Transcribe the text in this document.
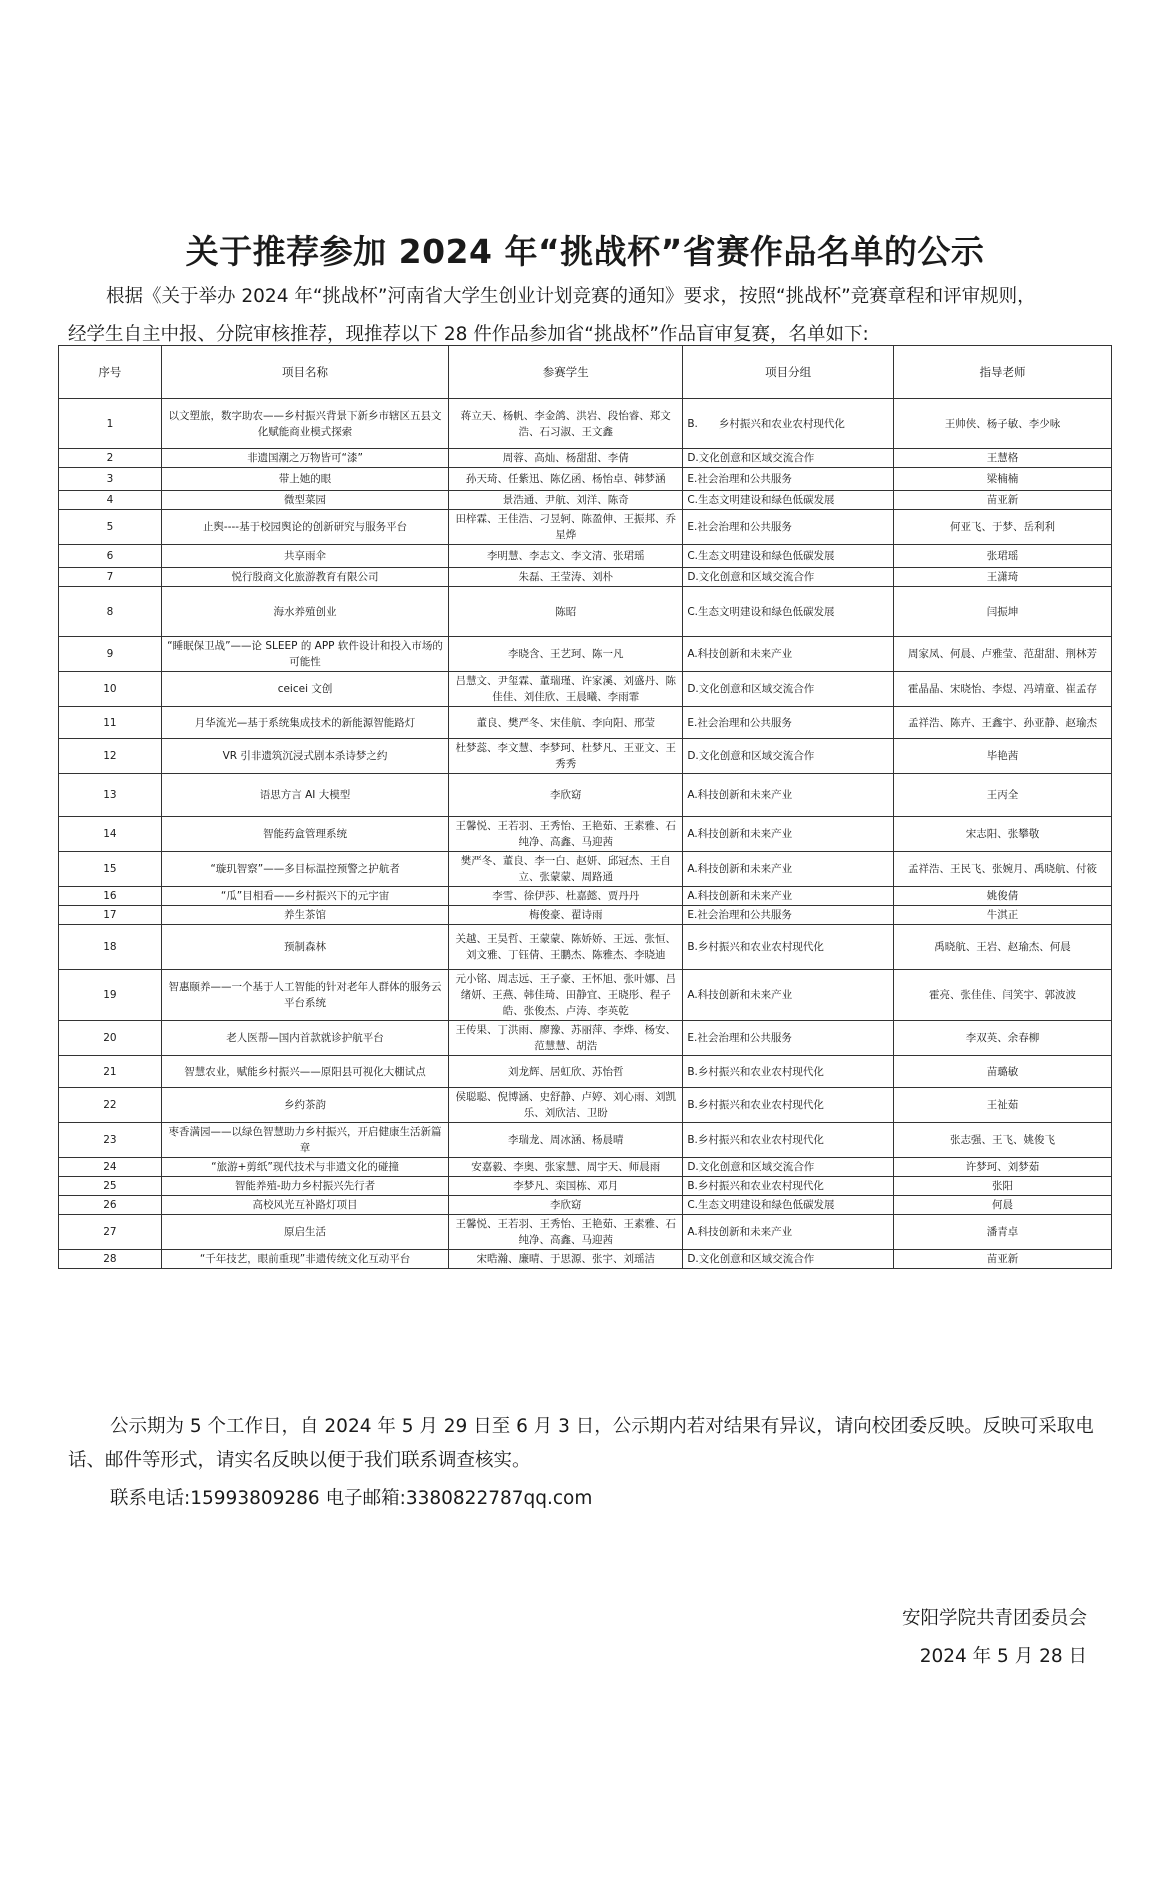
关于推荐参加 2024 年“挑战杯”省赛作品名单的公示
根据《关于举办 2024 年“挑战杯”河南省大学生创业计划竞赛的通知》要求，按照“挑战杯”竞赛章程和评审规则，
经学生自主中报、分院审核推荐，现推荐以下 28 件作品参加省“挑战杯”作品盲审复赛，名单如下:
序号	项目名称	参赛学生	项目分组	指导老师
1	以文塑旅，数字助农——乡村振兴背景下新乡市辖区五县文化赋能商业模式探索	蒋立天、杨帆、李金鸽、洪岩、段怡睿、郑文浩、石习淑、王文鑫	B.　　乡村振兴和农业农村现代化	王帅侠、杨子敏、李少咏
2	非遗国潮之万物皆可“漆”	周蓉、高灿、杨甜甜、李倩	D.文化创意和区域交流合作	王慧格
3	带上她的眼	孙天琦、任紫迅、陈亿函、杨怡卓、韩梦涵	E.社会治理和公共服务	梁楠楠
4	微型菜园	景浩通、尹航、刘洋、陈奇	C.生态文明建设和绿色低碳发展	苗亚新
5	止舆----基于校园舆论的创新研究与服务平台	田梓霖、王佳浩、刁昱轲、陈盈伸、王振邦、乔星烨	E.社会治理和公共服务	何亚飞、于梦、岳利利
6	共享雨伞	李明慧、李志文、李文清、张珺瑶	C.生态文明建设和绿色低碳发展	张珺瑶
7	悦行殷商文化旅游教育有限公司	朱磊、王莹涛、刘朴	D.文化创意和区域交流合作	王潇琦
8	海水养殖创业	陈昭	C.生态文明建设和绿色低碳发展	闫振坤
9	“睡眠保卫战”——论 SLEEP 的 APP 软件设计和投入市场的可能性	李晓含、王艺珂、陈一凡	A.科技创新和未来产业	周家凤、何晨、卢雅莹、范甜甜、荆林芳
10	ceicei 文创	吕慧文、尹玺霖、董瑞瑾、许家溪、刘盛丹、陈佳佳、刘佳欣、王晨曦、李雨霏	D.文化创意和区域交流合作	霍晶晶、宋晓怡、李煜、冯靖童、崔孟存
11	月华流光—基于系统集成技术的新能源智能路灯	董良、樊严冬、宋佳航、李向阳、邢莹	E.社会治理和公共服务	孟祥浩、陈卉、王鑫宇、孙亚静、赵瑜杰
12	VR 引非遗筑沉浸式剧本杀诗梦之约	杜梦蕊、李文慧、李梦珂、杜梦凡、王亚文、王秀秀	D.文化创意和区域交流合作	毕艳茜
13	语思方言 AI 大模型	李欣窈	A.科技创新和未来产业	王丙全
14	智能药盒管理系统	王馨悦、王若羽、王秀怡、王艳茹、王素雅、石纯净、高鑫、马迎茜	A.科技创新和未来产业	宋志阳、张攀敬
15	“璇玑智察”——多目标温控预警之护航者	樊严冬、董良、李一白、赵妍、邱冠杰、王自立、张蒙蒙、周路通	A.科技创新和未来产业	孟祥浩、王民飞、张婉月、禹晓航、付筱
16	“瓜”目相看——乡村振兴下的元宇宙	李雪、徐伊莎、杜嘉懿、贾丹丹	A.科技创新和未来产业	姚俊倩
17	养生茶馆	梅俊豪、翟诗雨	E.社会治理和公共服务	牛淇正
18	预制森林	关越、王昊哲、王蒙蒙、陈娇娇、王远、张恒、刘文雅、丁钰倩、王鹏杰、陈雅杰、李晓迪	B.乡村振兴和农业农村现代化	禹晓航、王岩、赵瑜杰、何晨
19	智惠颐养——一个基于人工智能的针对老年人群体的服务云平台系统	元小铭、周志远、王子豪、王怀旭、张叶娜、吕绪妍、王燕、韩佳琦、田静宜、王晓彤、程子皓、张俊杰、卢涛、李英乾	A.科技创新和未来产业	霍亮、张佳佳、闫笑宇、郭波波
20	老人医帮—国内首款就诊护航平台	王传果、丁洪雨、廖豫、苏丽萍、李烨、杨安、范慧慧、胡浩	E.社会治理和公共服务	李双英、余春柳
21	智慧农业，赋能乡村振兴——原阳县可视化大棚试点	刘龙辉、居虹欣、苏怡哲	B.乡村振兴和农业农村现代化	苗璐敏
22	乡约茶韵	侯聪聪、倪博涵、史舒静、卢婷、刘心雨、刘凯乐、刘欣洁、卫盼	B.乡村振兴和农业农村现代化	王祉茹
23	枣香满园——以绿色智慧助力乡村振兴，开启健康生活新篇章	李瑞龙、周冰涵、杨晨晴	B.乡村振兴和农业农村现代化	张志强、王飞、姚俊飞
24	“旅游+剪纸”现代技术与非遗文化的碰撞	安嘉毅、李奥、张家慧、周宇天、师晨雨	D.文化创意和区域交流合作	许梦珂、刘梦茹
25	智能养殖-助力乡村振兴先行者	李梦凡、栾国栋、邓月	B.乡村振兴和农业农村现代化	张阳
26	高校风光互补路灯项目	李欣窈	C.生态文明建设和绿色低碳发展	何晨
27	原启生活	王馨悦、王若羽、王秀怡、王艳茹、王素雅、石纯净、高鑫、马迎茜	A.科技创新和未来产业	潘青卓
28	“千年技艺，眼前重现”非遗传统文化互动平台	宋晧瀚、廉晴、于思源、张宇、刘瑶洁	D.文化创意和区域交流合作	苗亚新
公示期为 5 个工作日，自 2024 年 5 月 29 日至 6 月 3 日，公示期内若对结果有异议，请向校团委反映。反映可采取电话、邮件等形式，请实名反映以便于我们联系调查核实。
联系电话:15993809286 电子邮箱:3380822787qq.com
安阳学院共青团委员会
2024 年 5 月 28 日
